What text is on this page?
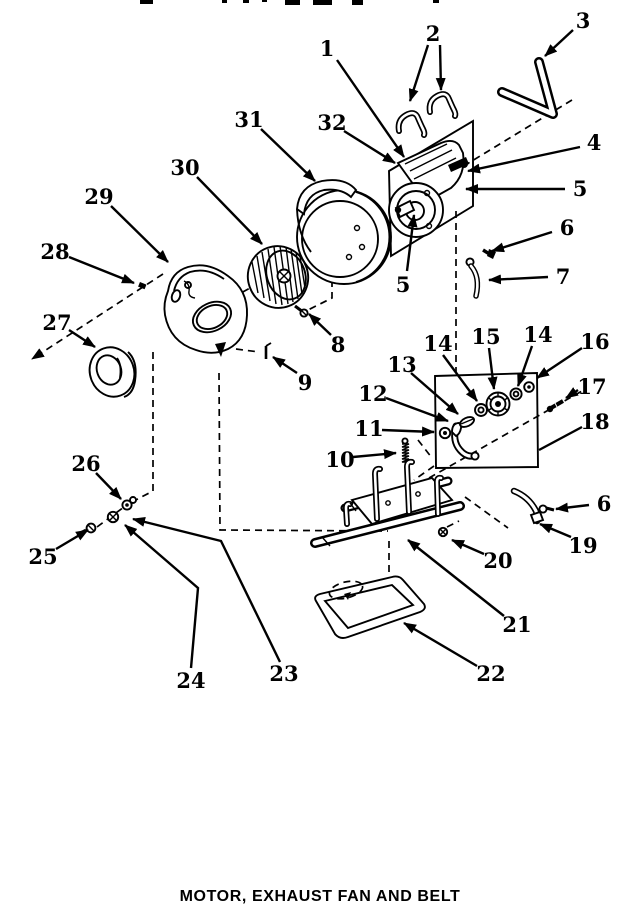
1
2
3
4
5
6
7
5
8
9
10
11
12
13
14 15 14 16
17
18
6
19
20
21
22
23
24
25
26
27
28
29
30
31	32
MOTOR, EXHAUST FAN AND BELT
